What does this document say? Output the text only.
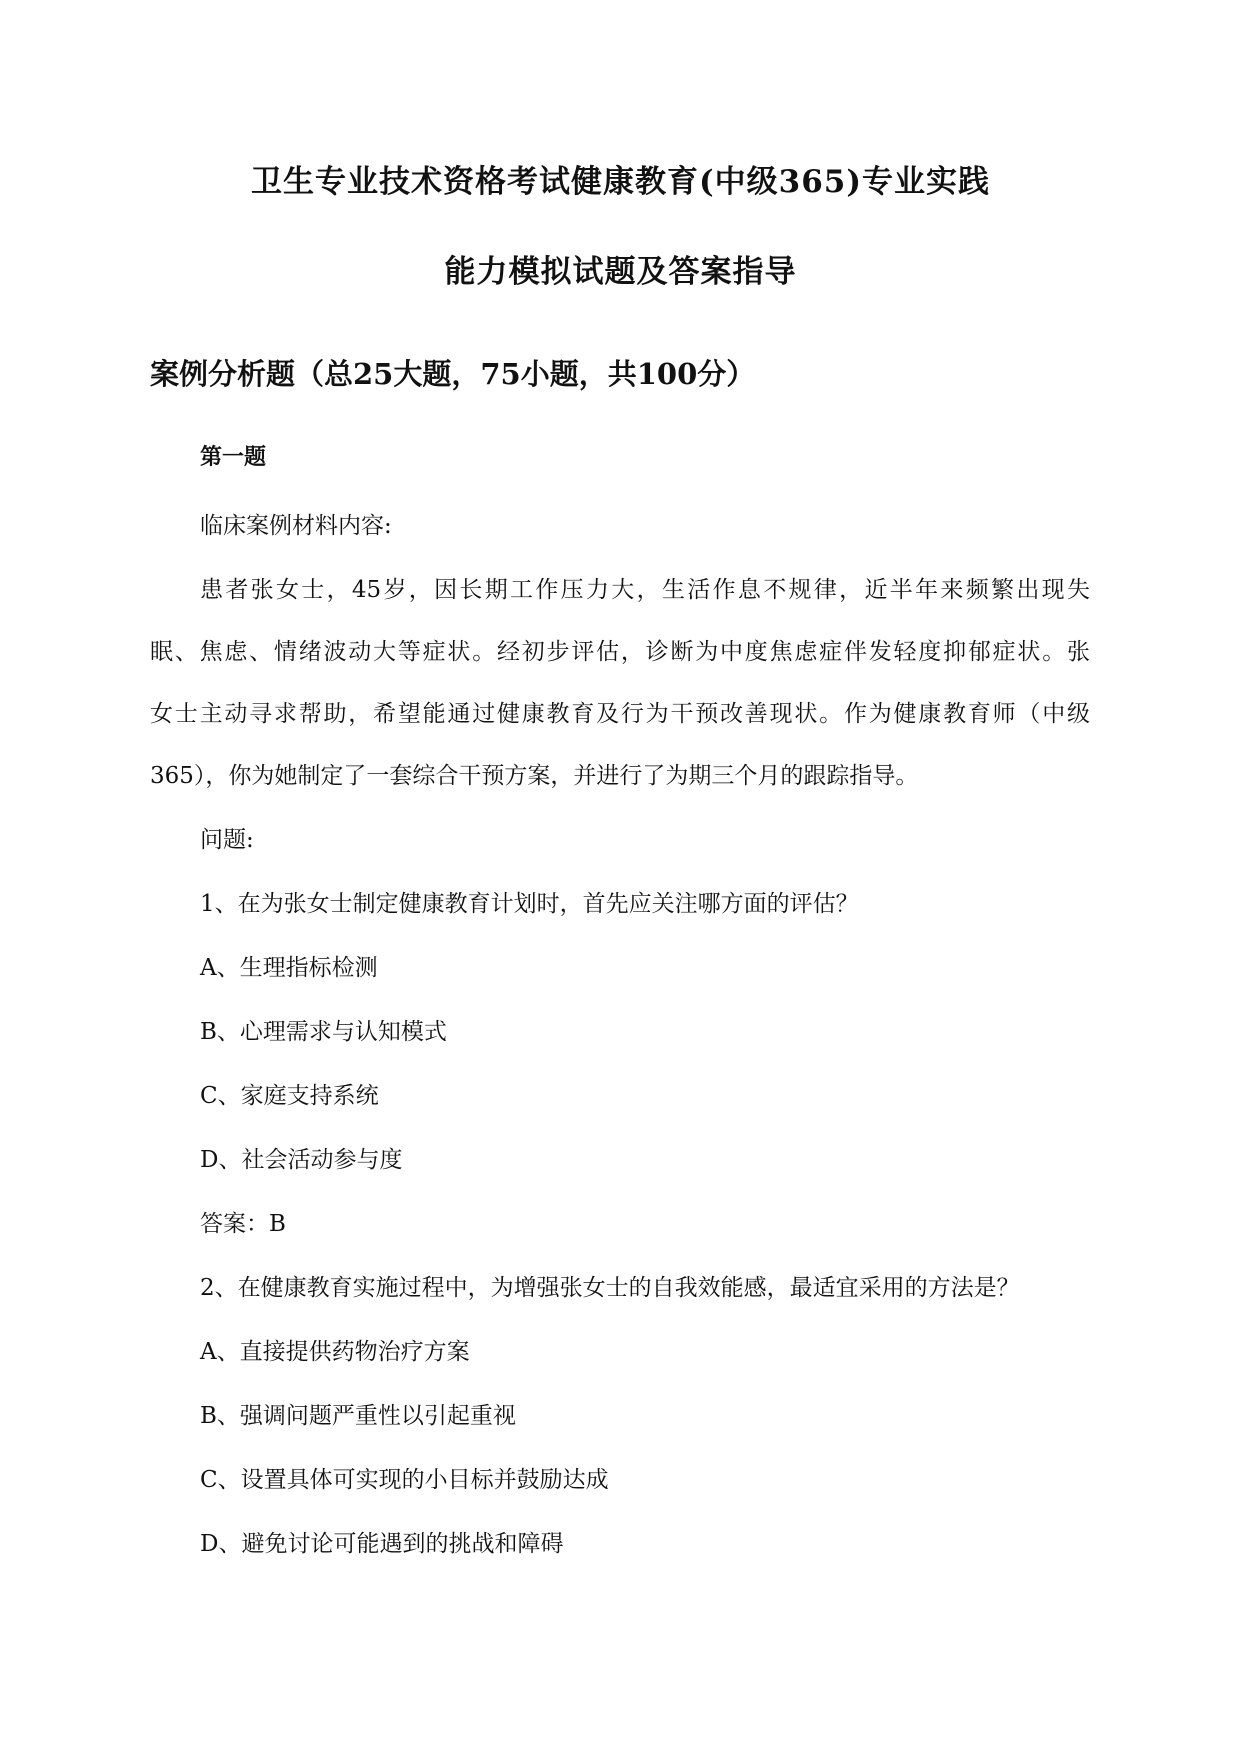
卫生专业技术资格考试健康教育(中级365)专业实践
能力模拟试题及答案指导
案例分析题（总25大题，75小题，共100分）
第一题
临床案例材料内容:
患者张女士，45岁，因长期工作压力大，生活作息不规律，近半年来频繁出现失
眠、焦虑、情绪波动大等症状。经初步评估，诊断为中度焦虑症伴发轻度抑郁症状。张
女士主动寻求帮助，希望能通过健康教育及行为干预改善现状。作为健康教育师（中级
365），你为她制定了一套综合干预方案，并进行了为期三个月的跟踪指导。
问题:
1、在为张女士制定健康教育计划时，首先应关注哪方面的评估？
A、生理指标检测
B、心理需求与认知模式
C、家庭支持系统
D、社会活动参与度
答案：B
2、在健康教育实施过程中，为增强张女士的自我效能感，最适宜采用的方法是？
A、直接提供药物治疗方案
B、强调问题严重性以引起重视
C、设置具体可实现的小目标并鼓励达成
D、避免讨论可能遇到的挑战和障碍
